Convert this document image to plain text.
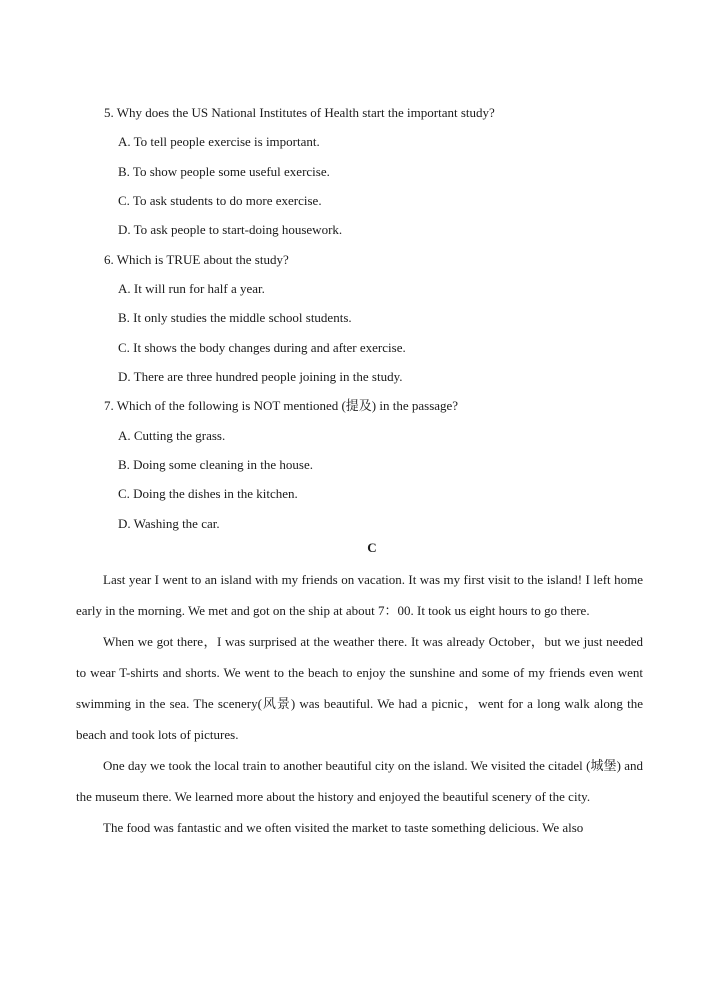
5. Why does the US National Institutes of Health start the important study?
A. To tell people exercise is important.
B. To show people some useful exercise.
C. To ask students to do more exercise.
D. To ask people to start-doing housework.
6. Which is TRUE about the study?
A. It will run for half a year.
B. It only studies the middle school students.
C. It shows the body changes during and after exercise.
D. There are three hundred people joining in the study.
7. Which of the following is NOT mentioned (提及) in the passage?
A. Cutting the grass.
B. Doing some cleaning in the house.
C. Doing the dishes in the kitchen.
D. Washing the car.
C

Last year I went to an island with my friends on vacation. It was my first visit to the island! I left home early in the morning. We met and got on the ship at about 7：00. It took us eight hours to go there.

When we got there，I was surprised at the weather there. It was already October，but we just needed to wear T-shirts and shorts. We went to the beach to enjoy the sunshine and some of my friends even went swimming in the sea. The scenery(风景) was beautiful. We had a picnic，went for a long walk along the beach and took lots of pictures.

One day we took the local train to another beautiful city on the island. We visited the citadel (城堡) and the museum there. We learned more about the history and enjoyed the beautiful scenery of the city.

The food was fantastic and we often visited the market to taste something delicious. We also
